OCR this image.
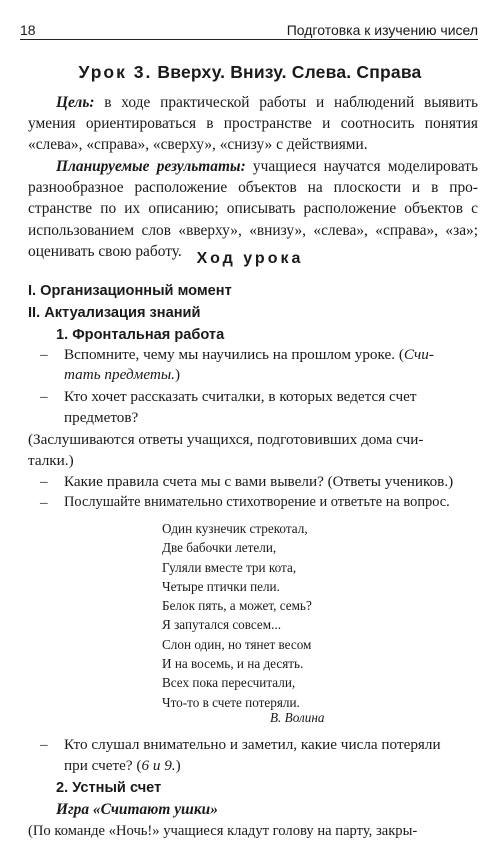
18	Подготовка к изучению чисел
Урок 3. Вверху. Внизу. Слева. Справа
Цель: в ходе практической работы и наблюдений выявить умения ориентироваться в пространстве и соотносить понятия «слева», «справа», «сверху», «снизу» с действиями.
Планируемые результаты: учащиеся научатся моделировать разнообразное расположение объектов на плоскости и в про- странстве по их описанию; описывать расположение объектов с использованием слов «вверху», «внизу», «слева», «справа», «за»; оценивать свою работу. Ход урока
I. Организационный момент
II. Актуализация знаний
1. Фронтальная работа
– Вспомните, чему мы научились на прошлом уроке. (Счи-
тать предметы.)
– Кто хочет рассказать считалки, в которых ведется счет
предметов?
(Заслушиваются ответы учащихся, подготовивших дома счи-
талки.)
– Какие правила счета мы с вами вывели? (Ответы учеников.)
– Послушайте внимательно стихотворение и ответьте на вопрос.
Один кузнечик стрекотал,
Две бабочки летели,
Гуляли вместе три кота,
Четыре птички пели.
Белок пять, а может, семь?
Я запутался совсем...
Слон один, но тянет весом
И на восемь, и на десять.
Всех пока пересчитали,
Что-то в счете потеряли.
В. Волина
– Кто слушал внимательно и заметил, какие числа потеряли
при счете? (6 и 9.)
2. Устный счет
Игра «Считают ушки»
(По команде «Ночь!» учащиеся кладут голову на парту, закры-
